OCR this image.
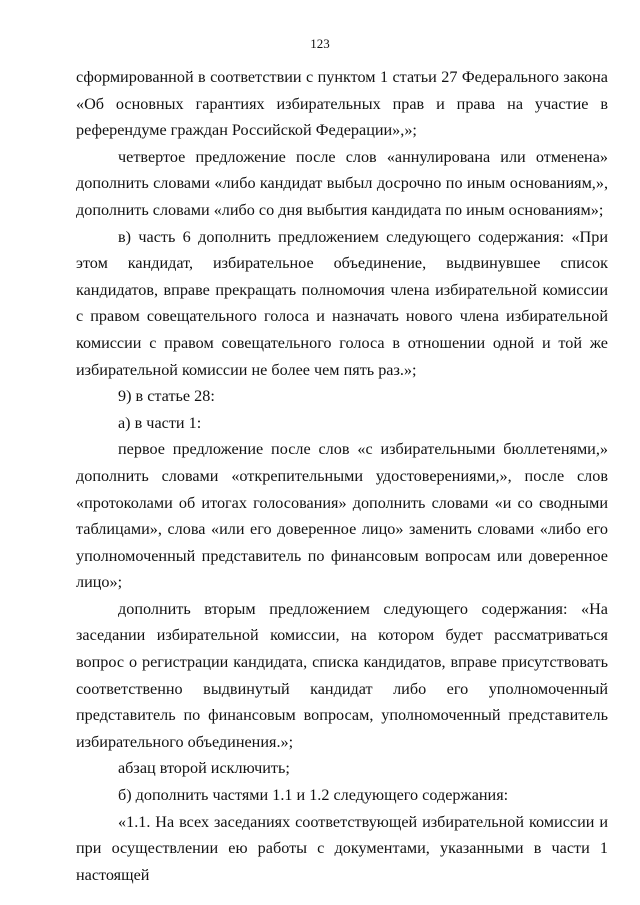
123

сформированной в соответствии с пунктом 1 статьи 27 Федерального закона «Об основных гарантиях избирательных прав и права на участие в референдуме граждан Российской Федерации»,»;

четвертое предложение после слов «аннулирована или отменена» дополнить словами «либо кандидат выбыл досрочно по иным основаниям,», дополнить словами «либо со дня выбытия кандидата по иным основаниям»;

в) часть 6 дополнить предложением следующего содержания: «При этом кандидат, избирательное объединение, выдвинувшее список кандидатов, вправе прекращать полномочия члена избирательной комиссии с правом совещательного голоса и назначать нового члена избирательной комиссии с правом совещательного голоса в отношении одной и той же избирательной комиссии не более чем пять раз.»;

9) в статье 28:

а) в части 1:

первое предложение после слов «с избирательными бюллетенями,» дополнить словами «открепительными удостоверениями,», после слов «протоколами об итогах голосования» дополнить словами «и со сводными таблицами», слова «или его доверенное лицо» заменить словами «либо его уполномоченный представитель по финансовым вопросам или доверенное лицо»;

дополнить вторым предложением следующего содержания: «На заседании избирательной комиссии, на котором будет рассматриваться вопрос о регистрации кандидата, списка кандидатов, вправе присутствовать соответственно выдвинутый кандидат либо его уполномоченный представитель по финансовым вопросам, уполномоченный представитель избирательного объединения.»;

абзац второй исключить;

б) дополнить частями 1.1 и 1.2 следующего содержания:

«1.1. На всех заседаниях соответствующей избирательной комиссии и при осуществлении ею работы с документами, указанными в части 1 настоящей
